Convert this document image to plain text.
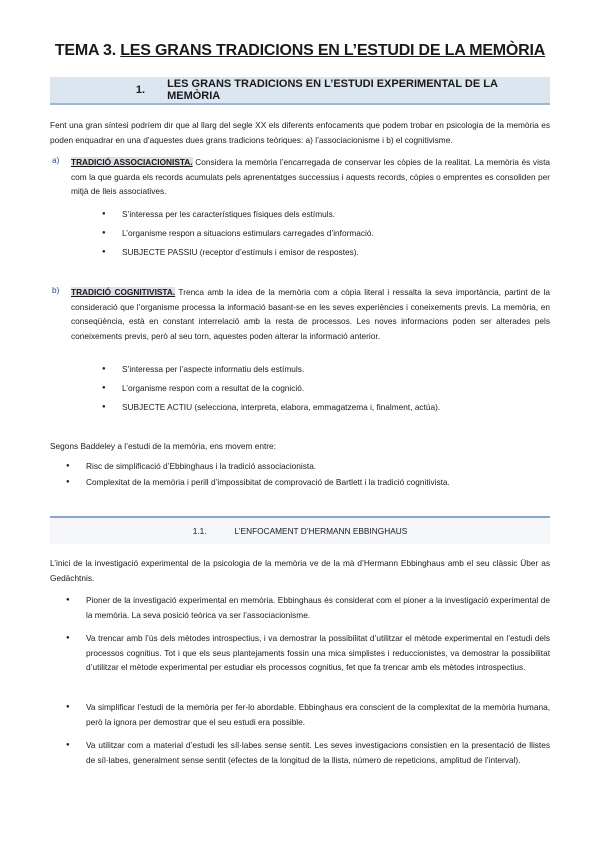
TEMA 3. LES GRANS TRADICIONS EN L’ESTUDI DE LA MEMÒRIA
1.	LES GRANS TRADICIONS EN L’ESTUDI EXPERIMENTAL DE LA MEMÒRIA
Fent una gran síntesi podríem dir que al llarg del segle XX els diferents enfocaments que podem trobar en psicologia de la memòria es poden enquadrar en una d’aquestes dues grans tradicions teòriques: a) l’associacionisme i b) el cognitivisme.
a) TRADICIÓ ASSOCIACIONISTA. Considera la memòria l’encarregada de conservar les còpies de la realitat. La memòria és vista com la que guarda els records acumulats pels aprenentatges successius i aquests records, còpies o emprentes es consoliden per mitjà de lleis associatives.
● S’interessa per les característiques físiques dels estímuls.
● L’organisme respon a situacions estimulars carregades d’informació.
● SUBJECTE PASSIU (receptor d’estímuls i emisor de respostes).
b) TRADICIÓ COGNITIVISTA. Trenca amb la idea de la memòria com a còpia literal i ressalta la seva importància, partint de la consideració que l’organisme processa la informació basant-se en les seves experiències i coneixements previs. La memòria, en conseqüència, està en constant interrelació amb la resta de processos. Les noves informacions poden ser alterades pels coneixements previs, però al seu torn, aquestes poden alterar la informació anterior.
● S’interessa per l’aspecte informatiu dels estímuls.
● L’organisme respon com a resultat de la cognició.
● SUBJECTE ACTIU (selecciona, interpreta, elabora, emmagatzema i, finalment, actúa).
Segons Baddeley a l’estudi de la memòria, ens movem entre:
● Risc de simplificació d’Ebbinghaus i la tradició associacionista.
● Complexitat de la memòria i perill d’impossibitat de comprovació de Bartlett i la tradició cognitivista.
1.1.	L’ENFOCAMENT D’HERMANN EBBINGHAUS
L’inici de la investigació experimental de la psicologia de la memòria ve de la mà d’Hermann Ebbinghaus amb el seu clàssic Über as Gedächtnis.
● Pioner de la investigació experimental en memòria. Ebbinghaus és considerat com el pioner a la investigació experimental de la memòria. La seva posició teòrica va ser l’associacionisme.
● Va trencar amb l’ús dels mètodes introspectius, i va demostrar la possibilitat d’utilitzar el mètode experimental en l’estudi dels processos cognitius. Tot i que els seus plantejaments fossin una mica simplistes i reduccionistes, va demostrar la possibilitat d’utilitzar el mètode experimental per estudiar els processos cognitius, fet que fa trencar amb els mètodes introspectius.
● Va simplificar l’estudi de la memòria per fer-lo abordable. Ebbinghaus era conscient de la complexitat de la memòria humana, però la ignora per demostrar que el seu estudi era possible.
● Va utilitzar com a material d’estudi les síl·labes sense sentit. Les seves investigacions consistien en la presentació de llistes de síl·labes, generalment sense sentit (efectes de la longitud de la llista, número de repeticions, amplitud de l’interval).
